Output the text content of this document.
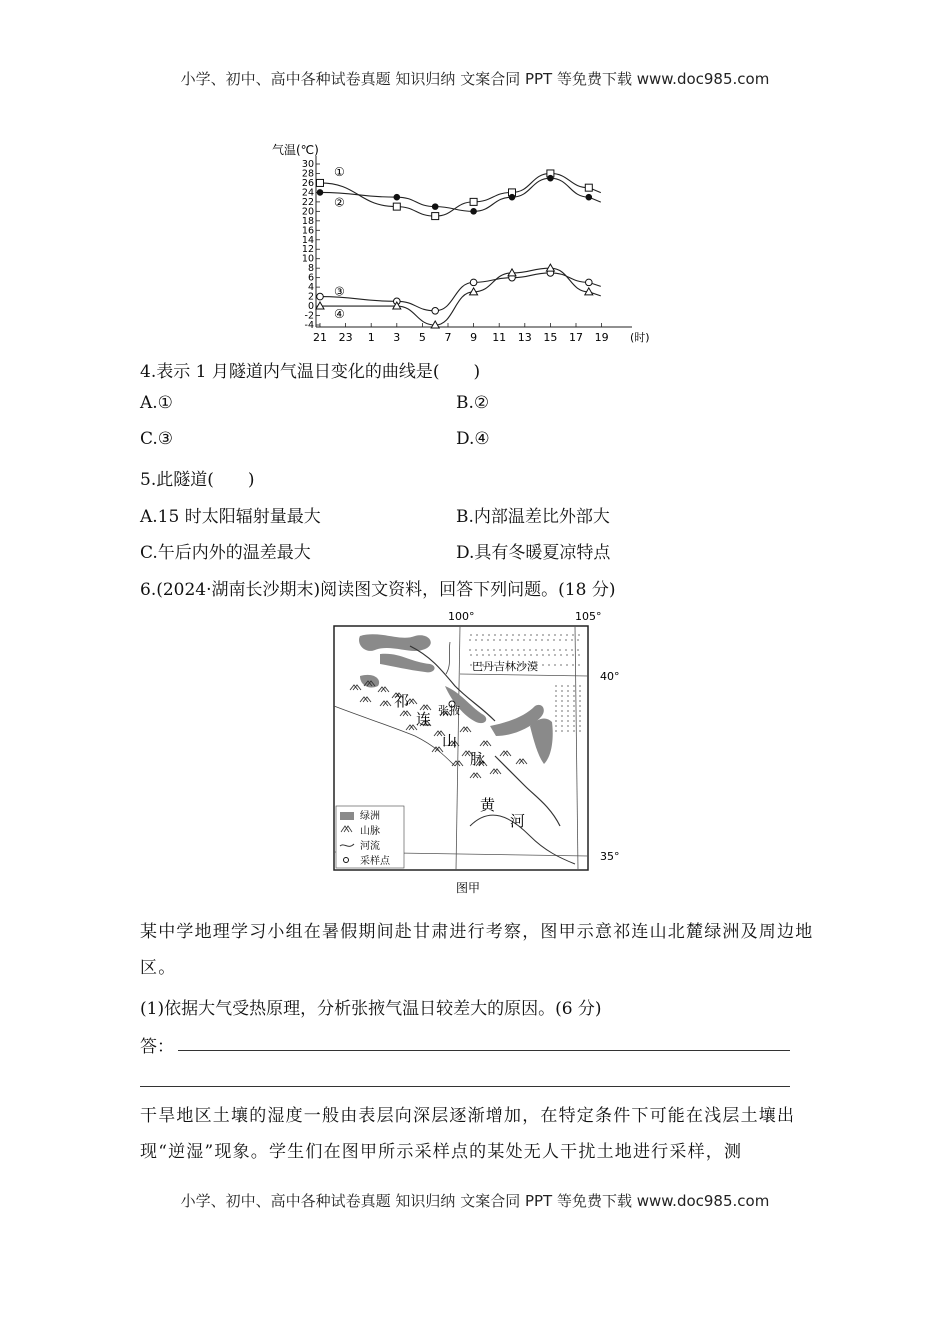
小学、初中、高中各种试卷真题 知识归纳 文案合同 PPT 等免费下载 www.doc985.com
气温(℃)
30
28
26
24
22
20
18
16
14
12
10
8
6
4
2
0
-2
-4
21 23 1 3 5 7 9 11 13 15 17 19 (时)
①
②
③
④
4.表示 1 月隧道内气温日变化的曲线是(　　)
A.①	B.②
C.③	D.④
5.此隧道(　　)
A.15 时太阳辐射量最大	B.内部温差比外部大
C.午后内外的温差最大	D.具有冬暖夏凉特点
6.(2024·湖南长沙期末)阅读图文资料，回答下列问题。(18 分)
100°	105°
40°
35°
巴丹吉林沙漠
张掖
祁
连
山
脉
黄
河
绿洲
山脉
河流
采样点
图甲
某中学地理学习小组在暑假期间赴甘肃进行考察，图甲示意祁连山北麓绿洲及周边地区。
(1)依据大气受热原理，分析张掖气温日较差大的原因。(6 分)
答：
干旱地区土壤的湿度一般由表层向深层逐渐增加，在特定条件下可能在浅层土壤出现“逆湿”现象。学生们在图甲所示采样点的某处无人干扰土地进行采样，测
小学、初中、高中各种试卷真题 知识归纳 文案合同 PPT 等免费下载 www.doc985.com
